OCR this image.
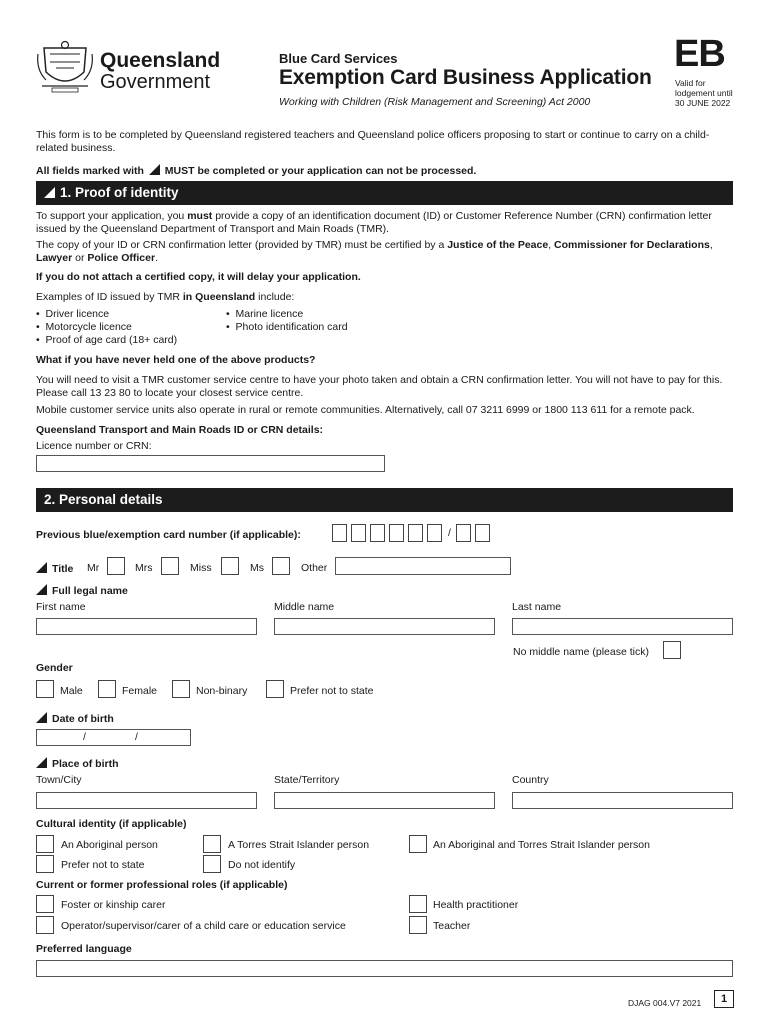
Queensland
Government
Blue Card Services
Exemption Card Business Application
Working with Children (Risk Management and Screening) Act 2000
EB
Valid for
lodgement until
30 JUNE 2022
This form is to be completed by Queensland registered teachers and Queensland police officers proposing to start or continue to carry on a child-related business.
All fields marked with MUST be completed or your application can not be processed.
1. Proof of identity
To support your application, you must provide a copy of an identification document (ID) or Customer Reference Number (CRN) confirmation letter issued by the Queensland Department of Transport and Main Roads (TMR).
The copy of your ID or CRN confirmation letter (provided by TMR) must be certified by a Justice of the Peace, Commissioner for Declarations, Lawyer or Police Officer.
If you do not attach a certified copy, it will delay your application.
Examples of ID issued by TMR in Queensland include:
•  Driver licence
•  Motorcycle licence
•  Proof of age card (18+ card)
•  Marine licence
•  Photo identification card
What if you have never held one of the above products?
You will need to visit a TMR customer service centre to have your photo taken and obtain a CRN confirmation letter. You will not have to pay for this. Please call 13 23 80 to locate your closest service centre.
Mobile customer service units also operate in rural or remote communities. Alternatively, call 07 3211 6999 or 1800 113 611 for a remote pack.
Queensland Transport and Main Roads ID or CRN details:
Licence number or CRN:
2. Personal details
Previous blue/exemption card number (if applicable):	/
Title Mr	Mrs	Miss	Ms	Other
Full legal name
First name	Middle name	Last name
No middle name (please tick)
Gender
Male	Female	Non-binary	Prefer not to state
Date of birth
/	/
Place of birth
Town/City	State/Territory	Country
Cultural identity (if applicable)
An Aboriginal person	A Torres Strait Islander person	An Aboriginal and Torres Strait Islander person
Prefer not to state	Do not identify
Current or former professional roles (if applicable)
Foster or kinship carer	Health practitioner
Operator/supervisor/carer of a child care or education service	Teacher
Preferred language
DJAG 004.V7 2021	1
